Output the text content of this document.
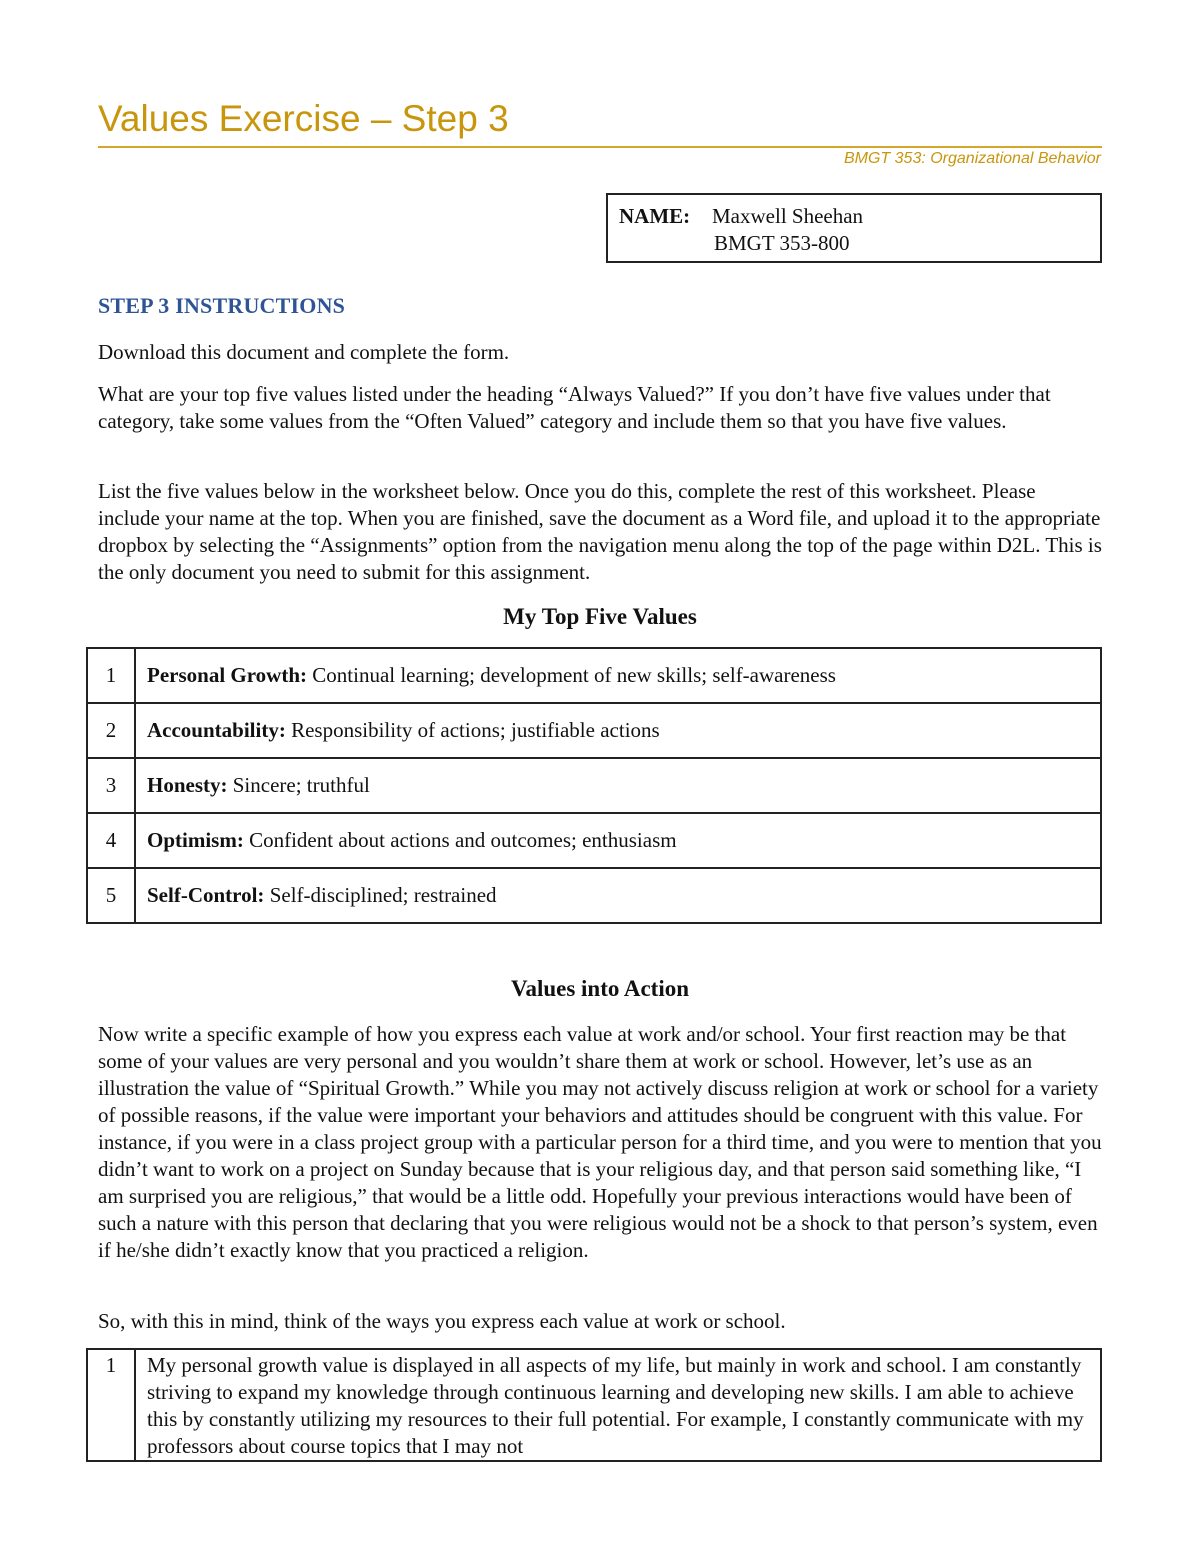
Values Exercise – Step 3
BMGT 353: Organizational Behavior
NAME: Maxwell Sheehan
BMGT 353-800
STEP 3 INSTRUCTIONS

Download this document and complete the form.

What are your top five values listed under the heading “Always Valued?” If you don’t have five values under that category, take some values from the “Often Valued” category and include them so that you have five values.

List the five values below in the worksheet below. Once you do this, complete the rest of this worksheet. Please include your name at the top. When you are finished, save the document as a Word file, and upload it to the appropriate dropbox by selecting the “Assignments” option from the navigation menu along the top of the page within D2L. This is the only document you need to submit for this assignment.

My Top Five Values
1	Personal Growth: Continual learning; development of new skills; self-awareness
2	Accountability: Responsibility of actions; justifiable actions
3	Honesty: Sincere; truthful
4	Optimism: Confident about actions and outcomes; enthusiasm
5	Self-Control: Self-disciplined; restrained
Values into Action

Now write a specific example of how you express each value at work and/or school. Your first reaction may be that some of your values are very personal and you wouldn’t share them at work or school. However, let’s use as an illustration the value of “Spiritual Growth.” While you may not actively discuss religion at work or school for a variety of possible reasons, if the value were important your behaviors and attitudes should be congruent with this value. For instance, if you were in a class project group with a particular person for a third time, and you were to mention that you didn’t want to work on a project on Sunday because that is your religious day, and that person said something like, “I am surprised you are religious,” that would be a little odd. Hopefully your previous interactions would have been of such a nature with this person that declaring that you were religious would not be a shock to that person’s system, even if he/she didn’t exactly know that you practiced a religion.

So, with this in mind, think of the ways you express each value at work or school.

1	My personal growth value is displayed in all aspects of my life, but mainly in work and school. I am constantly striving to expand my knowledge through continuous learning and developing new skills. I am able to achieve this by constantly utilizing my resources to their full potential. For example, I constantly communicate with my professors about course topics that I may not
